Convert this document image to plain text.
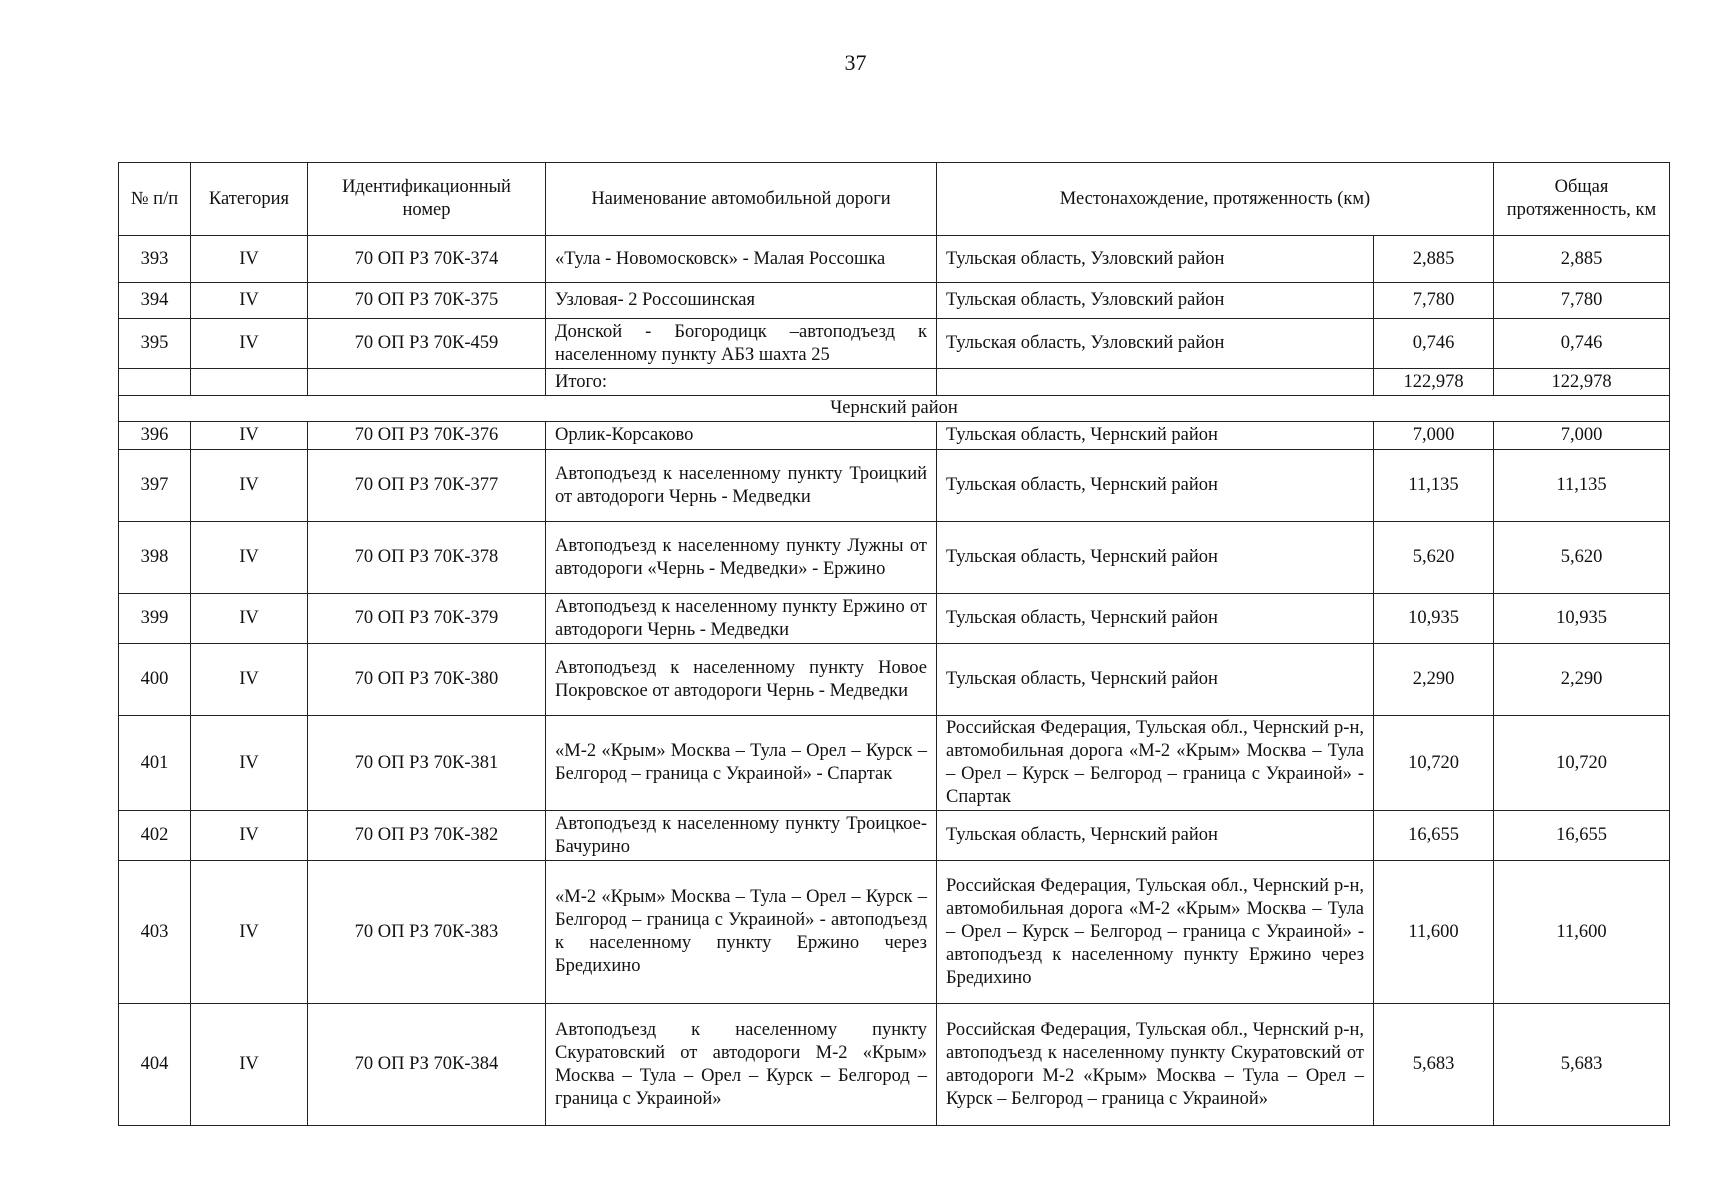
37
№ п/п	Категория	Идентификационный номер	Наименование автомобильной дороги	Местонахождение, протяженность (км)		Общая протяженность, км
393	IV	70 ОП РЗ 70К-374	«Тула - Новомосковск» - Малая Россошка	Тульская область, Узловский район	2,885	2,885
394	IV	70 ОП РЗ 70К-375	Узловая- 2 Россошинская	Тульская область, Узловский район	7,780	7,780
395	IV	70 ОП РЗ 70К-459	Донской - Богородицк –автоподъезд к населенному пункту АБЗ шахта 25	Тульская область, Узловский район	0,746	0,746
			Итого:		122,978	122,978
Чернский район						
396	IV	70 ОП РЗ 70К-376	Орлик-Корсаково	Тульская область, Чернский район	7,000	7,000
397	IV	70 ОП РЗ 70К-377	Автоподъезд к населенному пункту Троицкий от автодороги Чернь - Медведки	Тульская область, Чернский район	11,135	11,135
398	IV	70 ОП РЗ 70К-378	Автоподъезд к населенному пункту Лужны от автодороги «Чернь - Медведки» - Ержино	Тульская область, Чернский район	5,620	5,620
399	IV	70 ОП РЗ 70К-379	Автоподъезд к населенному пункту Ержино от автодороги Чернь - Медведки	Тульская область, Чернский район	10,935	10,935
400	IV	70 ОП РЗ 70К-380	Автоподъезд к населенному пункту Новое Покровское от автодороги Чернь - Медведки	Тульская область, Чернский район	2,290	2,290
401	IV	70 ОП РЗ 70К-381	«М-2 «Крым» Москва – Тула – Орел – Курск – Белгород – граница с Украиной» - Спартак	Российская Федерация, Тульская обл., Чернский р-н, автомобильная дорога «М-2 «Крым» Москва – Тула – Орел – Курск – Белгород – граница с Украиной» - Спартак	10,720	10,720
402	IV	70 ОП РЗ 70К-382	Автоподъезд к населенному пункту Троицкое-Бачурино	Тульская область, Чернский район	16,655	16,655
403	IV	70 ОП РЗ 70К-383	«М-2 «Крым» Москва – Тула – Орел – Курск – Белгород – граница с Украиной» - автоподъезд к населенному пункту Ержино через Бредихино	Российская Федерация, Тульская обл., Чернский р-н, автомобильная дорога «М-2 «Крым» Москва – Тула – Орел – Курск – Белгород – граница с Украиной» - автоподъезд к населенному пункту Ержино через Бредихино	11,600	11,600
404	IV	70 ОП РЗ 70К-384	Автоподъезд к населенному пункту Скуратовский от автодороги М-2 «Крым» Москва – Тула – Орел – Курск – Белгород – граница с Украиной»	Российская Федерация, Тульская обл., Чернский р-н, автоподъезд к населенному пункту Скуратовский от автодороги М-2 «Крым» Москва – Тула – Орел – Курск – Белгород – граница с Украиной»	5,683	5,683
